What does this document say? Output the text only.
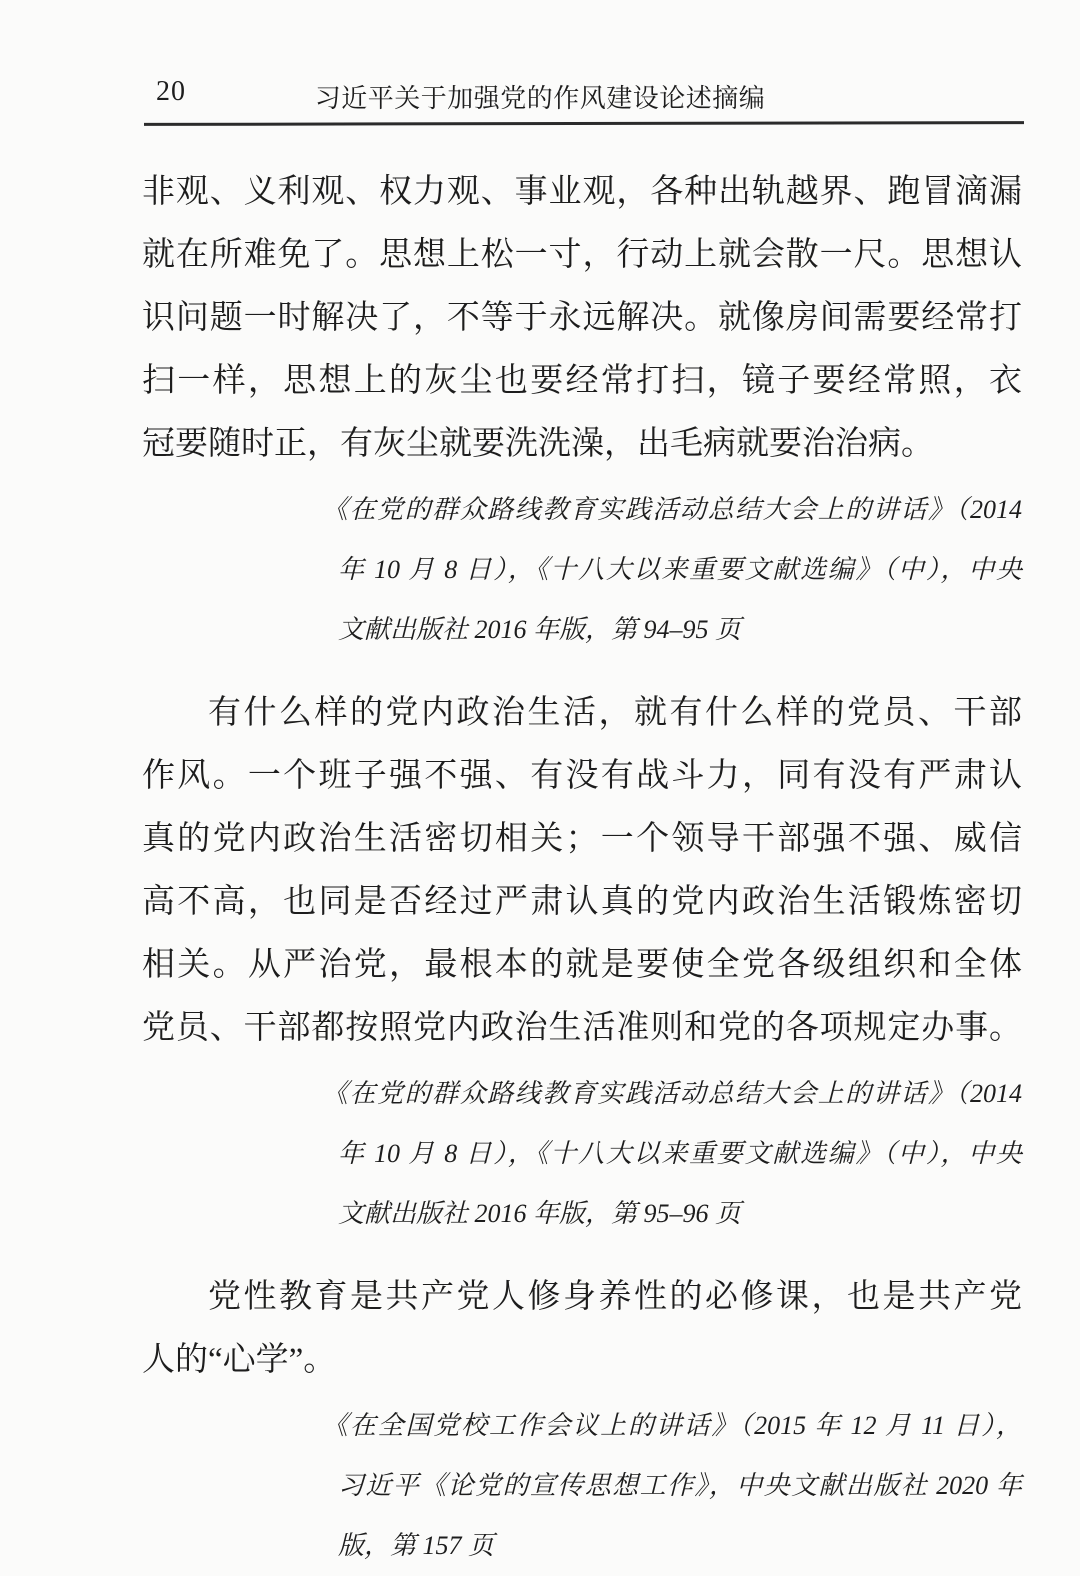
20	习近平关于加强党的作风建设论述摘编
非观、义利观、权力观、事业观，各种出轨越界、跑冒滴漏
就在所难免了。思想上松一寸，行动上就会散一尺。思想认
识问题一时解决了，不等于永远解决。就像房间需要经常打
扫一样，思想上的灰尘也要经常打扫，镜子要经常照，衣
冠要随时正，有灰尘就要洗洗澡，出毛病就要治治病。
《在党的群众路线教育实践活动总结大会上的讲话》（2014
年 10 月 8 日），《十八大以来重要文献选编》（中），中央
文献出版社 2016 年版，第 94–95 页
有什么样的党内政治生活，就有什么样的党员、干部
作风。一个班子强不强、有没有战斗力，同有没有严肃认
真的党内政治生活密切相关；一个领导干部强不强、威信
高不高，也同是否经过严肃认真的党内政治生活锻炼密切
相关。从严治党，最根本的就是要使全党各级组织和全体
党员、干部都按照党内政治生活准则和党的各项规定办事。
《在党的群众路线教育实践活动总结大会上的讲话》（2014
年 10 月 8 日），《十八大以来重要文献选编》（中），中央
文献出版社 2016 年版，第 95–96 页
党性教育是共产党人修身养性的必修课，也是共产党
人的“心学”。
《在全国党校工作会议上的讲话》（2015 年 12 月 11 日），
习近平《论党的宣传思想工作》，中央文献出版社 2020 年
版，第 157 页
